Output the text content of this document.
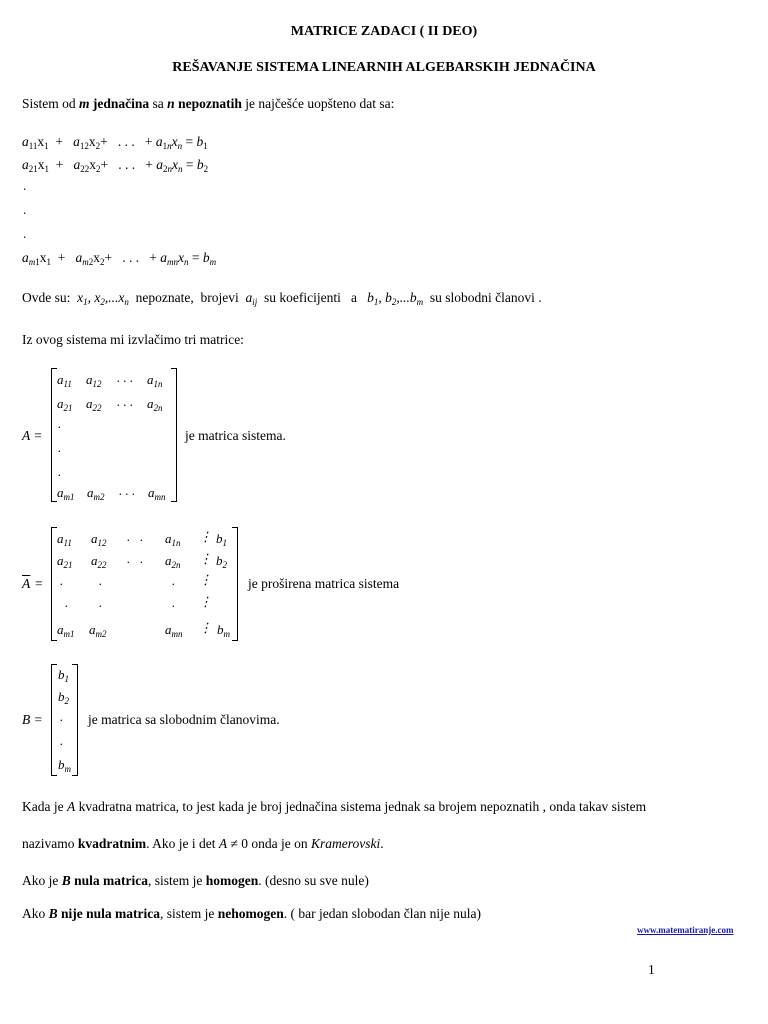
MATRICE ZADACI ( II DEO)
REŠAVANJE SISTEMA LINEARNIH ALGEBARSKIH JEDNAČINA
Sistem od m jednačina sa n nepoznatih je najčešće uopšteno dat sa:
$a_{11}x_1 + a_{12}x_2+$   . . .   + $a_{1n}x_n = b_1$
$a_{21}x_1 + a_{22}x_2+$   . . .   + $a_{2n}x_n = b_2$
.
.
.
$a_{m1}x_1 + a_{m2}x_2+$   . . .   + $a_{mn}x_n = b_m$
Ovde su: $x_1$, $x_2,...x_n$ nepoznate, brojevi $a_{ij}$ su koeficijenti a $b_1$, $b_2,...b_m$ su slobodni članovi .
Iz ovog sistema mi izvlačimo tri matrice:
A =
$a_{11}$ $a_{12}$ . . . $a_{1n}$
$a_{21}$ $a_{22}$ . . . $a_{2n}$
.
.
.
$a_{m1}$ $a_{m2}$ . . . $a_{mn}$
je matrica sistema.
$\overline{A}$ =
$a_{11}$ $a_{12}$ .   . $a_{1n}$ ⋮ $b_1$
$a_{21}$ $a_{22}$ .   . $a_{2n}$ ⋮ $b_2$
.	.	. ⋮
. .	. ⋮
$a_{m1}$ $a_{m2}$	$a_{mn}$ ⋮ $b_m$
je proširena matrica sistema
B =
$b_1$
$b_2$
.
.
$b_m$
je matrica sa slobodnim članovima.
Kada je A kvadratna matrica, to jest kada je broj jednačina sistema jednak sa brojem nepoznatih , onda takav sistem
nazivamo kvadratnim. Ako je i det A ≠ 0 onda je on Kramerovski.
Ako je B nula matrica, sistem je homogen. (desno su sve nule)
Ako B nije nula matrica, sistem je nehomogen. ( bar jedan slobodan član nije nula)
www.matematiranje.com
1
